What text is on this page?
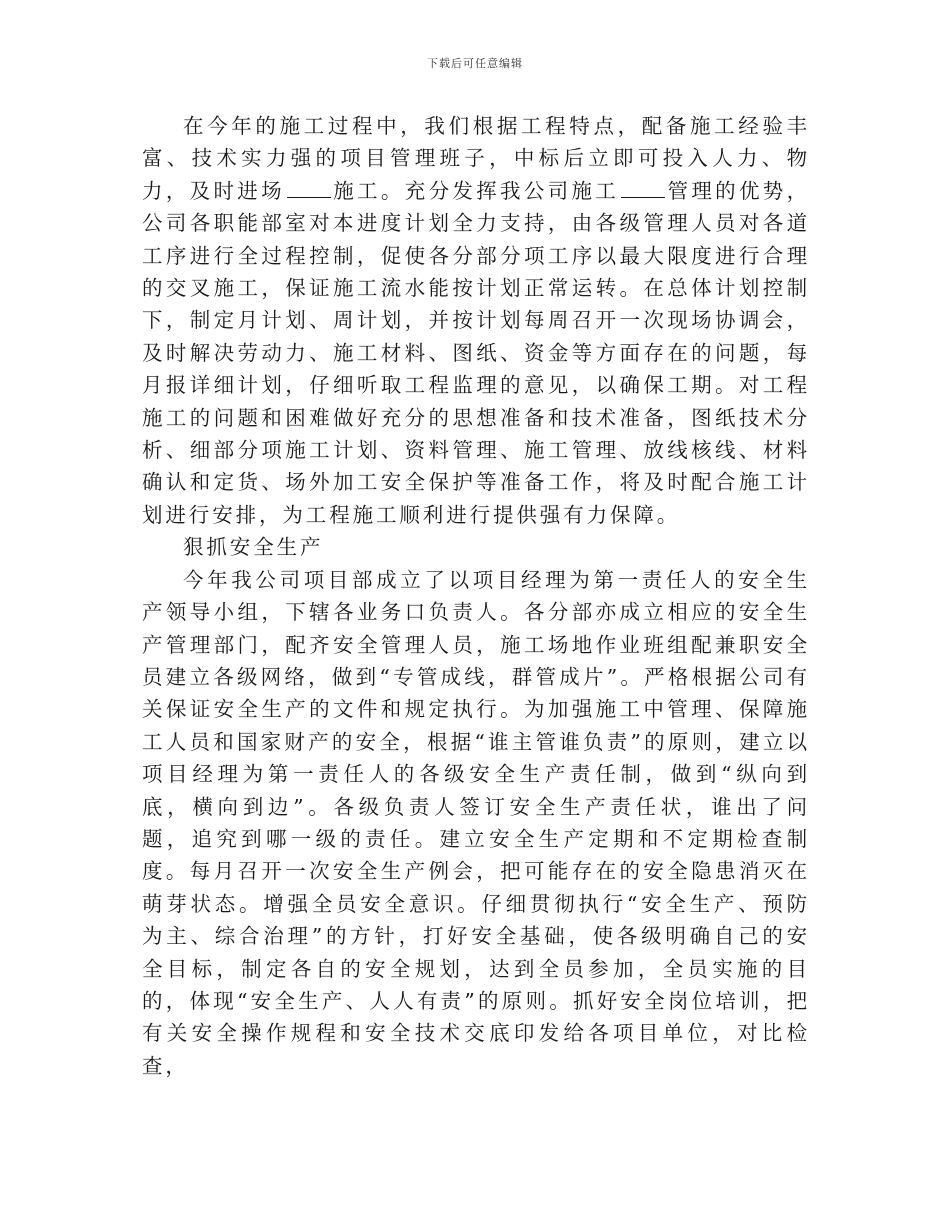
下载后可任意编辑

在今年的施工过程中，我们根据工程特点，配备施工经验丰富、技术实力强的项目管理班子，中标后立即可投入人力、物力，及时进场 施工。充分发挥我公司施工 管理的优势，公司各职能部室对本进度计划全力支持，由各级管理人员对各道工序进行全过程控制，促使各分部分项工序以最大限度进行合理的交叉施工，保证施工流水能按计划正常运转。在总体计划控制下，制定月计划、周计划，并按计划每周召开一次现场协调会，及时解决劳动力、施工材料、图纸、资金等方面存在的问题，每月报详细计划，仔细听取工程监理的意见，以确保工期。对工程施工的问题和困难做好充分的思想准备和技术准备，图纸技术分析、细部分项施工计划、资料管理、施工管理、放线核线、材料确认和定货、场外加工安全保护等准备工作，将及时配合施工计划进行安排，为工程施工顺利进行提供强有力保障。

狠抓安全生产

今年我公司项目部成立了以项目经理为第一责任人的安全生产领导小组，下辖各业务口负责人。各分部亦成立相应的安全生产管理部门，配齐安全管理人员，施工场地作业班组配兼职安全员建立各级网络，做到“专管成线，群管成片”。严格根据公司有关保证安全生产的文件和规定执行。为加强施工中管理、保障施工人员和国家财产的安全，根据“谁主管谁负责”的原则，建立以项目经理为第一责任人的各级安全生产责任制，做到“纵向到底，横向到边”。各级负责人签订安全生产责任状，谁出了问题，追究到哪一级的责任。建立安全生产定期和不定期检查制度。每月召开一次安全生产例会，把可能存在的安全隐患消灭在萌芽状态。增强全员安全意识。仔细贯彻执行“安全生产、预防为主、综合治理”的方针，打好安全基础，使各级明确自己的安全目标，制定各自的安全规划，达到全员参加，全员实施的目的，体现“安全生产、人人有责”的原则。抓好安全岗位培训，把有关安全操作规程和安全技术交底印发给各项目单位，对比检查，
